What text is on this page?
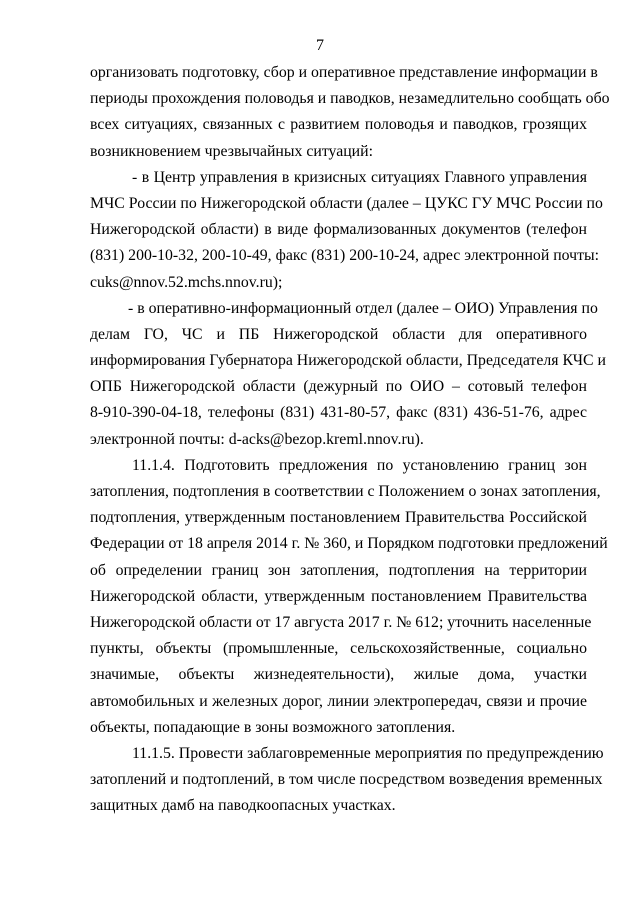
7
организовать подготовку, сбор и оперативное представление информации в
периоды прохождения половодья и паводков, незамедлительно сообщать обо
всех ситуациях, связанных с развитием половодья и паводков, грозящих
возникновением чрезвычайных ситуаций:
- в Центр управления в кризисных ситуациях Главного управления
МЧС России по Нижегородской области (далее – ЦУКС ГУ МЧС России по
Нижегородской области) в виде формализованных документов (телефон
(831) 200-10-32, 200-10-49, факс (831) 200-10-24, адрес электронной почты:
cuks@nnov.52.mchs.nnov.ru);
- в оперативно-информационный отдел (далее – ОИО) Управления по
делам ГО, ЧС и ПБ Нижегородской области для оперативного
информирования Губернатора Нижегородской области, Председателя КЧС и
ОПБ Нижегородской области (дежурный по ОИО – сотовый телефон
8-910-390-04-18, телефоны (831) 431-80-57, факс (831) 436-51-76, адрес
электронной почты: d-acks@bezop.kreml.nnov.ru).
11.1.4. Подготовить предложения по установлению границ зон
затопления, подтопления в соответствии с Положением о зонах затопления,
подтопления, утвержденным постановлением Правительства Российской
Федерации от 18 апреля 2014 г. № 360, и Порядком подготовки предложений
об определении границ зон затопления, подтопления на территории
Нижегородской области, утвержденным постановлением Правительства
Нижегородской области от 17 августа 2017 г. № 612; уточнить населенные
пункты, объекты (промышленные, сельскохозяйственные, социально
значимые, объекты жизнедеятельности), жилые дома, участки
автомобильных и железных дорог, линии электропередач, связи и прочие
объекты, попадающие в зоны возможного затопления.
11.1.5. Провести заблаговременные мероприятия по предупреждению
затоплений и подтоплений, в том числе посредством возведения временных
защитных дамб на паводкоопасных участках.
